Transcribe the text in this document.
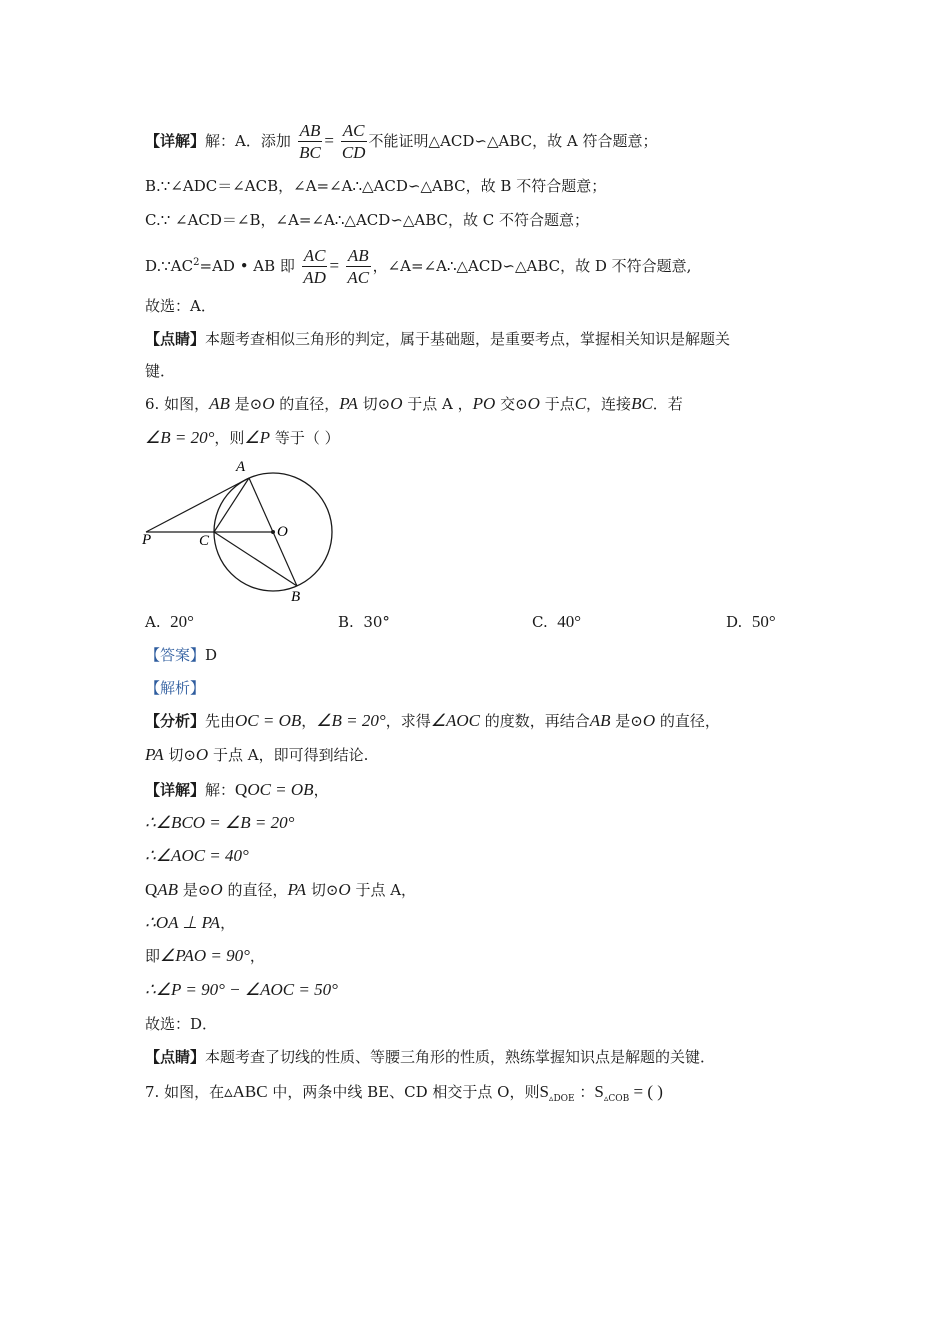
【详解】解：A．添加 $\frac{AB}{BC} = \frac{AC}{CD}$ 不能证明△ACD∽△ABC，故 A 符合题意；
B.∵∠ADC＝∠ACB，∠A=∠A∴△ACD∽△ABC，故 B 不符合题意；
C.∵ ∠ACD＝∠B，∠A=∠A∴△ACD∽△ABC，故 C 不符合题意；
$D.\because AC^2=AD$ • AB 即 $\frac{AC}{AD} = \frac{AB}{AC}$ ，∠A=∠A∴△ACD∽△ABC，故 D 不符合题意,
故选：A．
【点睛】本题考查相似三角形的判定，属于基础题，是重要考点，掌握相关知识是解题关
键．
6. 如图，AB 是⊙O 的直径，PA 切⊙O 于点 A ，PO 交⊙O 于点C，连接BC．若
∠B = 20°，则∠P 等于（ ）
A
O
P	C
B
A. 20°	B. 30°	C. 40°	D. 50°
【答案】D
【解析】
【分析】先由OC = OB，∠B = 20°，求得∠AOC 的度数，再结合AB 是⊙O 的直径，
PA 切⊙O 于点 A，即可得到结论.
【详解】解：QOC = OB，
∴∠BCO = ∠B = 20°
∴∠AOC = 40°
QAB 是⊙O 的直径，PA 切⊙O 于点 A，
∴OA ⊥ PA，
即∠PAO = 90°，
∴∠P = 90° − ∠AOC = 50°
故选：D．
【点睛】本题考查了切线的性质、等腰三角形的性质，熟练掌握知识点是解题的关键．
7. 如图，在▵ABC 中，两条中线 BE、CD 相交于点 O，则$S_{▵DOE}$ ：$S_{▵COB}$ = ( )
